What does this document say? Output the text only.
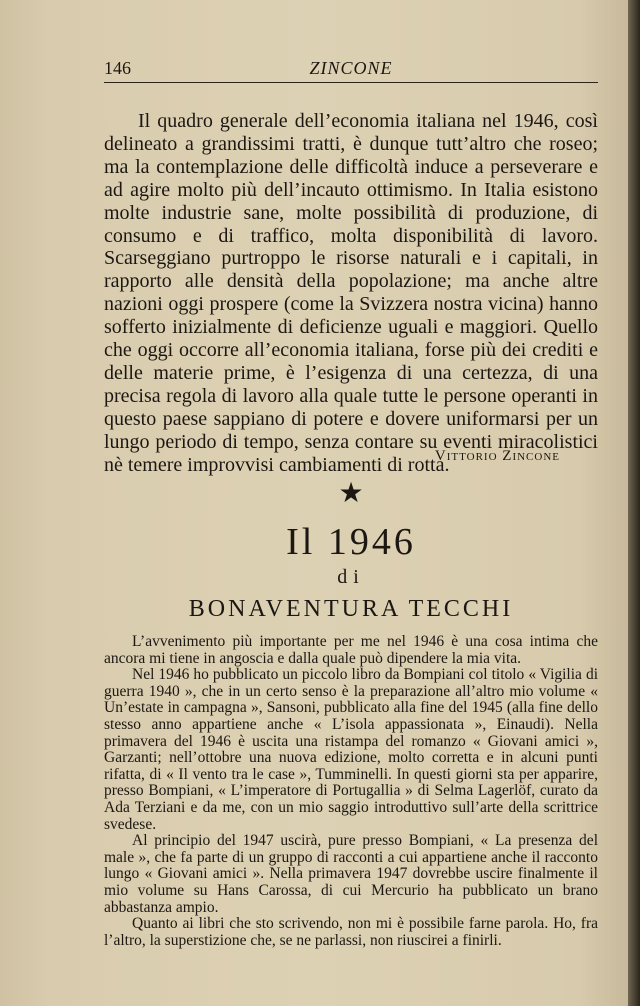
146	ZINCONE

Il quadro generale dell’economia italiana nel 1946, così delineato a grandissimi tratti, è dunque tutt’altro che roseo; ma la contemplazione delle difficoltà induce a perseverare e ad agire molto più dell’incauto ottimismo. In Italia esistono molte industrie sane, molte possibilità di produzione, di consumo e di traffico, molta disponibilità di lavoro. Scarseggiano purtroppo le risorse naturali e i capitali, in rapporto alle densità della popolazione; ma anche altre nazioni oggi prospere (come la Svizzera nostra vicina) hanno sofferto inizialmente di deficienze uguali e maggiori. Quello che oggi occorre all’economia italiana, forse più dei crediti e delle materie prime, è l’esigenza di una certezza, di una precisa regola di lavoro alla quale tutte le persone operanti in questo paese sappiano di potere e dovere uniformarsi per un lungo periodo di tempo, senza contare su eventi miracolistici nè temere improvvisi cambiamenti di rotta.

Vittorio Zincone
★
Il 1946
di
BONAVENTURA TECCHI

L’avvenimento più importante per me nel 1946 è una cosa intima che ancora mi tiene in angoscia e dalla quale può dipendere la mia vita.

Nel 1946 ho pubblicato un piccolo libro da Bompiani col titolo « Vigilia di guerra 1940 », che in un certo senso è la preparazione all’altro mio volume « Un’estate in campagna », Sansoni, pubblicato alla fine del 1945 (alla fine dello stesso anno appartiene anche « L’isola appassionata », Einaudi). Nella primavera del 1946 è uscita una ristampa del romanzo « Giovani amici », Garzanti; nell’ottobre una nuova edizione, molto corretta e in alcuni punti rifatta, di « Il vento tra le case », Tumminelli. In questi giorni sta per apparire, presso Bompiani, « L’imperatore di Portugallia » di Selma Lagerlöf, curato da Ada Terziani e da me, con un mio saggio introduttivo sull’arte della scrittrice svedese.

Al principio del 1947 uscirà, pure presso Bompiani, « La presenza del male », che fa parte di un gruppo di racconti a cui appartiene anche il racconto lungo « Giovani amici ». Nella primavera 1947 dovrebbe uscire finalmente il mio volume su Hans Carossa, di cui Mercurio ha pubblicato un brano abbastanza ampio.

Quanto ai libri che sto scrivendo, non mi è possibile farne parola. Ho, fra l’altro, la superstizione che, se ne parlassi, non riuscirei a finirli.
